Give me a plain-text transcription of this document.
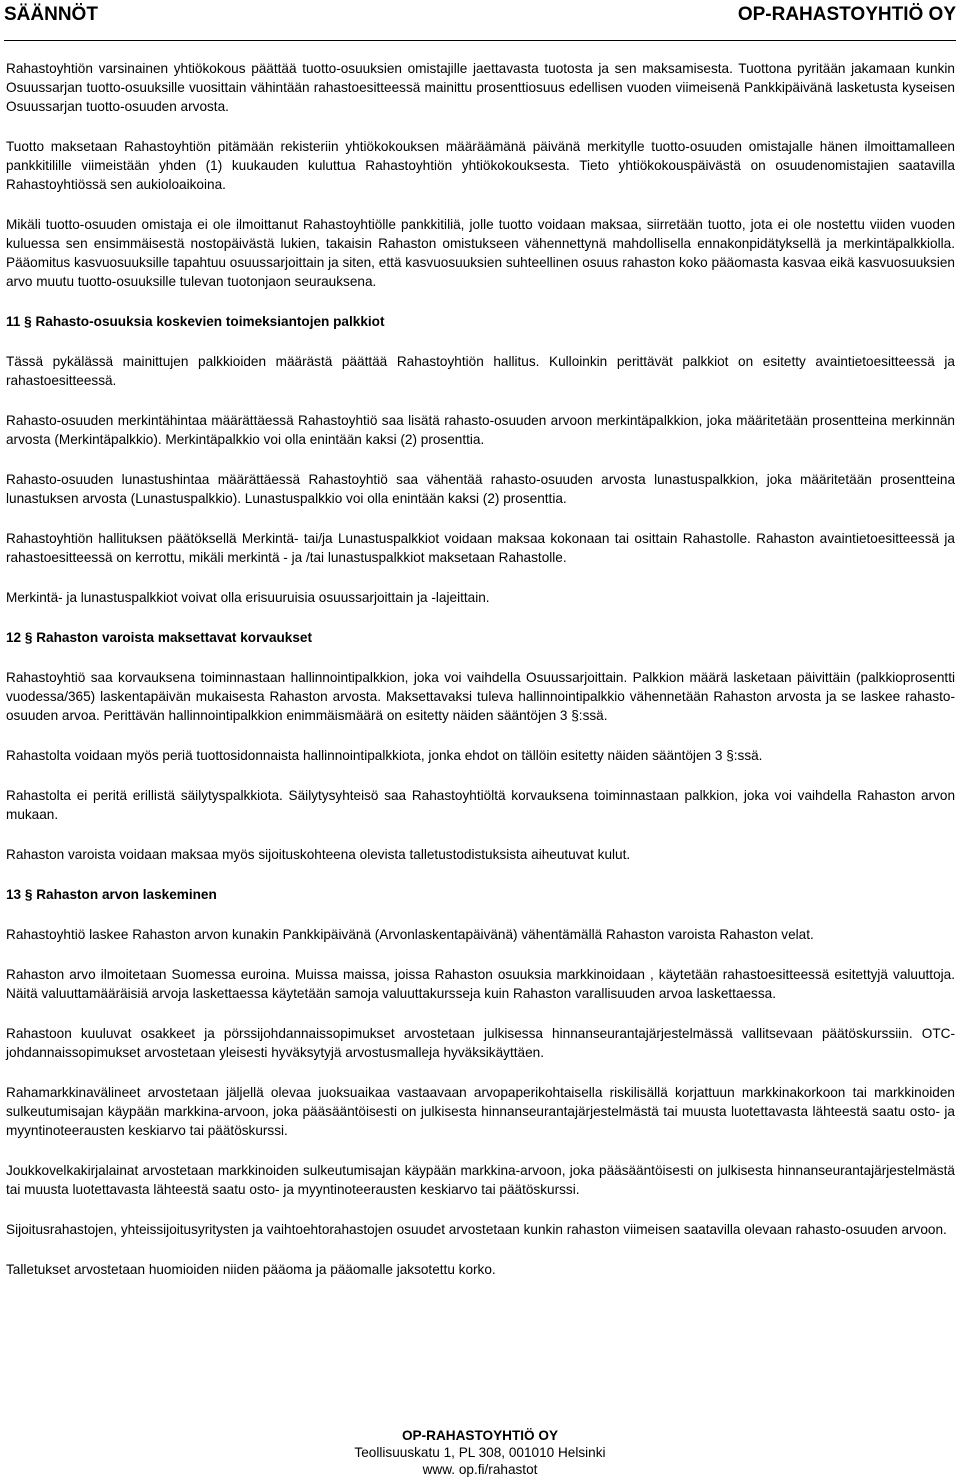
SÄÄNNÖT	OP-RAHASTOYHTIÖ OY

Rahastoyhtiön varsinainen yhtiökokous päättää tuotto-osuuksien omistajille jaettavasta tuotosta ja sen maksamisesta. Tuottona pyritään jakamaan kunkin Osuussarjan tuotto-osuuksille vuosittain vähintään rahastoesitteessä mainittu prosenttiosuus edellisen vuoden viimeisenä Pankkipäivänä lasketusta kyseisen Osuussarjan tuotto-osuuden arvosta.

Tuotto maksetaan Rahastoyhtiön pitämään rekisteriin yhtiökokouksen määräämänä päivänä merkitylle tuotto-osuuden omistajalle hänen ilmoittamalleen pankkitilille viimeistään yhden (1) kuukauden kuluttua Rahastoyhtiön yhtiökokouksesta. Tieto yhtiökokouspäivästä on osuudenomistajien saatavilla Rahastoyhtiössä sen aukioloaikoina.

Mikäli tuotto-osuuden omistaja ei ole ilmoittanut Rahastoyhtiölle pankkitiliä, jolle tuotto voidaan maksaa, siirretään tuotto, jota ei ole nostettu viiden vuoden kuluessa sen ensimmäisestä nostopäivästä lukien, takaisin Rahaston omistukseen vähennettynä mahdollisella ennakonpidätyksellä ja merkintäpalkkiolla. Pääomitus kasvuosuuksille tapahtuu osuussarjoittain ja siten, että kasvuosuuksien suhteellinen osuus rahaston koko pääomasta kasvaa eikä kasvuosuuksien arvo muutu tuotto-osuuksille tulevan tuotonjaon seurauksena.

11 § Rahasto-osuuksia koskevien toimeksiantojen palkkiot

Tässä pykälässä mainittujen palkkioiden määrästä päättää Rahastoyhtiön hallitus. Kulloinkin perittävät palkkiot on esitetty avaintietoesitteessä ja rahastoesitteessä.

Rahasto-osuuden merkintähintaa määrättäessä Rahastoyhtiö saa lisätä rahasto-osuuden arvoon merkintäpalkkion, joka määritetään prosentteina merkinnän arvosta (Merkintäpalkkio). Merkintäpalkkio voi olla enintään kaksi (2) prosenttia.

Rahasto-osuuden lunastushintaa määrättäessä Rahastoyhtiö saa vähentää rahasto-osuuden arvosta lunastuspalkkion, joka määritetään prosentteina lunastuksen arvosta (Lunastuspalkkio). Lunastuspalkkio voi olla enintään kaksi (2) prosenttia.

Rahastoyhtiön hallituksen päätöksellä Merkintä- tai/ja Lunastuspalkkiot voidaan maksaa kokonaan tai osittain Rahastolle. Rahaston avaintietoesitteessä ja rahastoesitteessä on kerrottu, mikäli merkintä - ja /tai lunastuspalkkiot maksetaan Rahastolle.

Merkintä- ja lunastuspalkkiot voivat olla erisuuruisia osuussarjoittain ja -lajeittain.

12 § Rahaston varoista maksettavat korvaukset

Rahastoyhtiö saa korvauksena toiminnastaan hallinnointipalkkion, joka voi vaihdella Osuussarjoittain. Palkkion määrä lasketaan päivittäin (palkkioprosentti vuodessa/365) laskentapäivän mukaisesta Rahaston arvosta. Maksettavaksi tuleva hallinnointipalkkio vähennetään Rahaston arvosta ja se laskee rahasto-osuuden arvoa. Perittävän hallinnointipalkkion enimmäismäärä on esitetty näiden sääntöjen 3 §:ssä.

Rahastolta voidaan myös periä tuottosidonnaista hallinnointipalkkiota, jonka ehdot on tällöin esitetty näiden sääntöjen 3 §:ssä.

Rahastolta ei peritä erillistä säilytyspalkkiota. Säilytysyhteisö saa Rahastoyhtiöltä korvauksena toiminnastaan palkkion, joka voi vaihdella Rahaston arvon mukaan.

Rahaston varoista voidaan maksaa myös sijoituskohteena olevista talletustodistuksista aiheutuvat kulut.

13 § Rahaston arvon laskeminen

Rahastoyhtiö laskee Rahaston arvon kunakin Pankkipäivänä (Arvonlaskentapäivänä) vähentämällä Rahaston varoista Rahaston velat.

Rahaston arvo ilmoitetaan Suomessa euroina. Muissa maissa, joissa Rahaston osuuksia markkinoidaan , käytetään rahastoesitteessä esitettyjä valuuttoja. Näitä valuuttamääräisiä arvoja laskettaessa käytetään samoja valuuttakursseja kuin Rahaston varallisuuden arvoa laskettaessa.

Rahastoon kuuluvat osakkeet ja pörssijohdannaissopimukset arvostetaan julkisessa hinnanseurantajärjestelmässä vallitsevaan päätöskurssiin. OTC- johdannaissopimukset arvostetaan yleisesti hyväksytyjä arvostusmalleja hyväksikäyttäen.

Rahamarkkinavälineet arvostetaan jäljellä olevaa juoksuaikaa vastaavaan arvopaperikohtaisella riskilisällä korjattuun markkinakorkoon tai markkinoiden sulkeutumisajan käypään markkina-arvoon, joka pääsääntöisesti on julkisesta hinnanseurantajärjestelmästä tai muusta luotettavasta lähteestä saatu osto- ja myyntinoteerausten keskiarvo tai päätöskurssi.

Joukkovelkakirjalainat arvostetaan markkinoiden sulkeutumisajan käypään markkina-arvoon, joka pääsääntöisesti on julkisesta hinnanseurantajärjestelmästä tai muusta luotettavasta lähteestä saatu osto- ja myyntinoteerausten keskiarvo tai päätöskurssi.

Sijoitusrahastojen, yhteissijoitusyritysten ja vaihtoehtorahastojen osuudet arvostetaan kunkin rahaston viimeisen saatavilla olevaan rahasto-osuuden arvoon.

Talletukset arvostetaan huomioiden niiden pääoma ja pääomalle jaksotettu korko.

OP-RAHASTOYHTIÖ OY
Teollisuuskatu 1, PL 308, 001010 Helsinki
www. op.fi/rahastot
